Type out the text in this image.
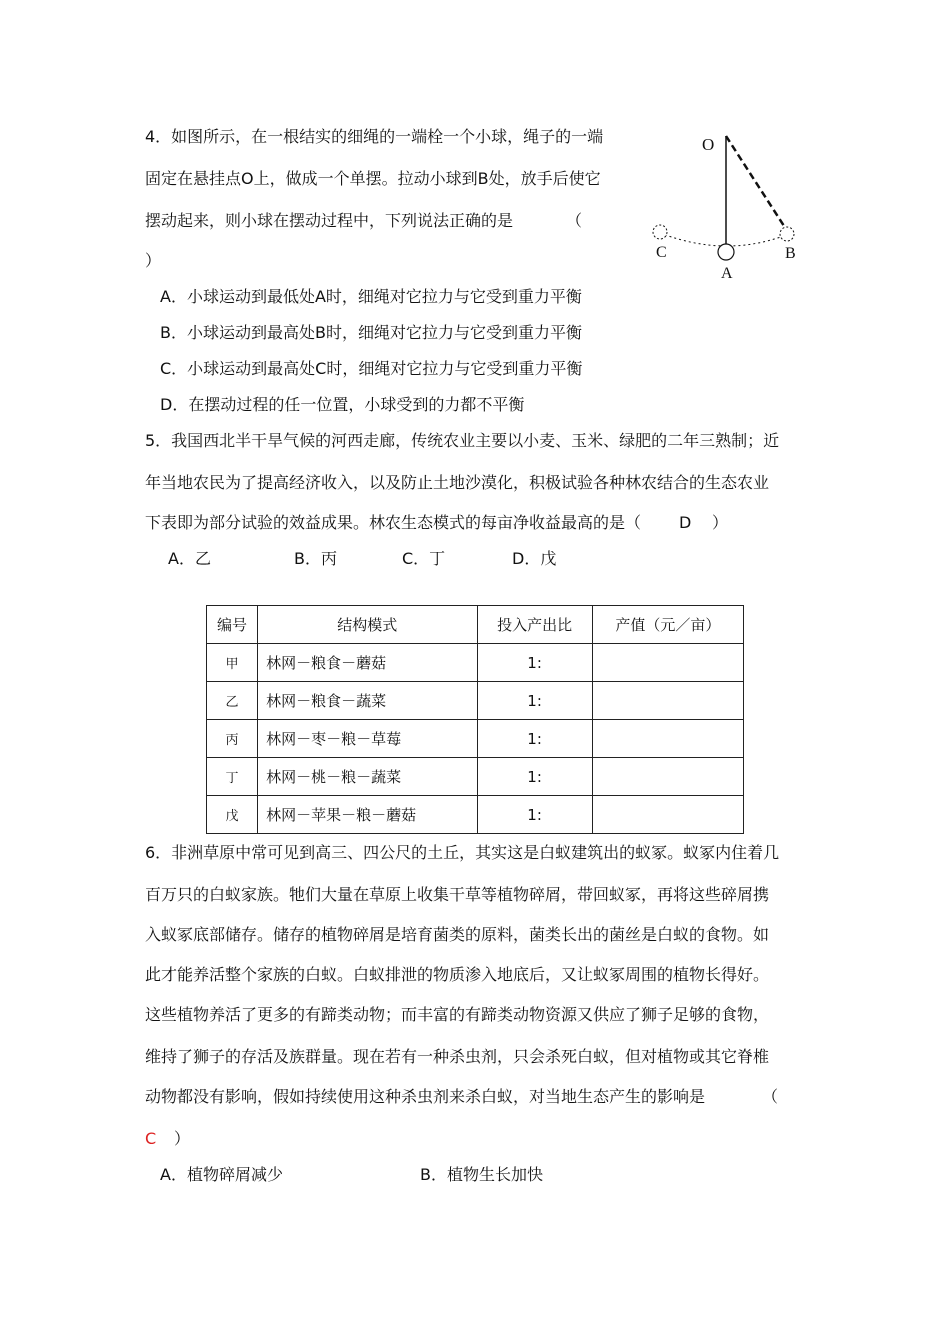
4．如图所示，在一根结实的细绳的一端栓一个小球，绳子的一端
固定在悬挂点O上，做成一个单摆。拉动小球到B处，放手后使它
摆动起来，则小球在摆动过程中，下列说法正确的是	（
）
A．小球运动到最低处A时，细绳对它拉力与它受到重力平衡
B．小球运动到最高处B时，细绳对它拉力与它受到重力平衡
C．小球运动到最高处C时，细绳对它拉力与它受到重力平衡
D．在摆动过程的任一位置，小球受到的力都不平衡
O
C
A
B
5．我国西北半干旱气候的河西走廊，传统农业主要以小麦、玉米、绿肥的二年三熟制；近
年当地农民为了提高经济收入，以及防止土地沙漠化，积极试验各种林农结合的生态农业
下表即为部分试验的效益成果。林农生态模式的每亩净收益最高的是（ D ）
A．乙	B．丙	C．丁	D．戊
编号	结构模式	投入产出比	产值（元／亩）
甲	林网－粮食－蘑菇	1:	
乙	林网－粮食－蔬菜	1:	
丙	林网－枣－粮－草莓	1:	
丁	林网－桃－粮－蔬菜	1:	
戊	林网－苹果－粮－蘑菇	1:	
6．非洲草原中常可见到高三、四公尺的土丘，其实这是白蚁建筑出的蚁冢。蚁冢内住着几
百万只的白蚁家族。牠们大量在草原上收集干草等植物碎屑，带回蚁冢，再将这些碎屑携
入蚁冢底部储存。储存的植物碎屑是培育菌类的原料，菌类长出的菌丝是白蚁的食物。如
此才能养活整个家族的白蚁。白蚁排泄的物质渗入地底后，又让蚁冢周围的植物长得好。
这些植物养活了更多的有蹄类动物；而丰富的有蹄类动物资源又供应了狮子足够的食物，
维持了狮子的存活及族群量。现在若有一种杀虫剂，只会杀死白蚁，但对植物或其它脊椎
动物都没有影响，假如持续使用这种杀虫剂来杀白蚁，对当地生态产生的影响是	（
C ）
A．植物碎屑减少	B．植物生长加快
